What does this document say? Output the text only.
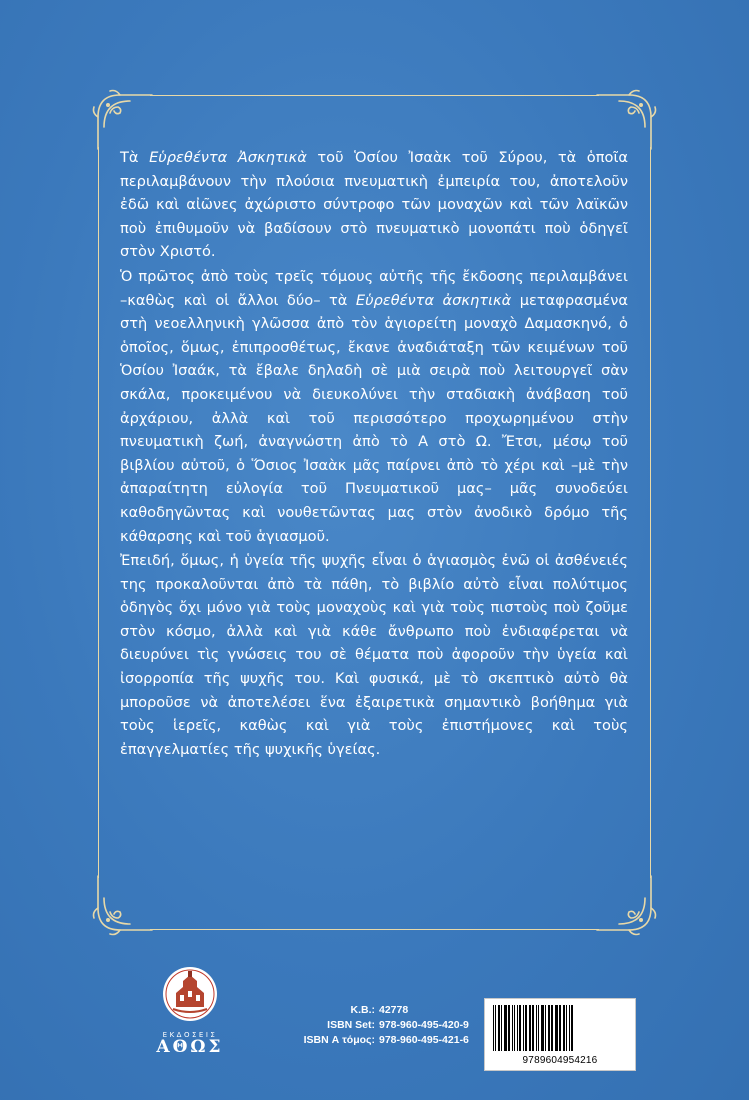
Τὰ Εὑρεθέντα Ἀσκητικὰ τοῦ Ὁσίου Ἰσαὰκ τοῦ Σύρου, τὰ ὁποῖα περιλαμβάνουν τὴν πλούσια πνευματικὴ ἐμπειρία του, ἀποτελοῦν ἐδῶ καὶ αἰῶνες ἀχώριστο σύντροφο τῶν μοναχῶν καὶ τῶν λαϊκῶν ποὺ ἐπιθυμοῦν νὰ βαδίσουν στὸ πνευματικὸ μονοπάτι ποὺ ὁδηγεῖ στὸν Χριστό.

Ὁ πρῶτος ἀπὸ τοὺς τρεῖς τόμους αὐτῆς τῆς ἔκδοσης περιλαμβάνει –καθὼς καὶ οἱ ἄλλοι δύο– τὰ Εὑρεθέντα ἀσκητικὰ μεταφρασμένα στὴ νεοελληνικὴ γλῶσσα ἀπὸ τὸν ἁγιορείτη μοναχὸ Δαμασκηνό, ὁ ὁποῖος, ὅμως, ἐπιπροσθέτως, ἔκανε ἀναδιάταξη τῶν κειμένων τοῦ Ὁσίου Ἰσαάκ, τὰ ἔβαλε δηλαδὴ σὲ μιὰ σειρὰ ποὺ λειτουργεῖ σὰν σκάλα, προκειμένου νὰ διευκολύνει τὴν σταδιακὴ ἀνάβαση τοῦ ἀρχάριου, ἀλλὰ καὶ τοῦ περισσότερο προχωρημένου στὴν πνευματικὴ ζωή, ἀναγνώστη ἀπὸ τὸ Α στὸ Ω. Ἔτσι, μέσῳ τοῦ βιβλίου αὐτοῦ, ὁ Ὅσιος Ἰσαὰκ μᾶς παίρνει ἀπὸ τὸ χέρι καὶ –μὲ τὴν ἀπαραίτητη εὐλογία τοῦ Πνευματικοῦ μας– μᾶς συνοδεύει καθοδηγῶντας καὶ νουθετῶντας μας στὸν ἀνοδικὸ δρόμο τῆς κάθαρσης καὶ τοῦ ἁγιασμοῦ.

Ἐπειδή, ὅμως, ἡ ὑγεία τῆς ψυχῆς εἶναι ὁ ἁγιασμὸς ἐνῶ οἱ ἀσθένειές της προκαλοῦνται ἀπὸ τὰ πάθη, τὸ βιβλίο αὐτὸ εἶναι πολύτιμος ὁδηγὸς ὄχι μόνο γιὰ τοὺς μοναχοὺς καὶ γιὰ τοὺς πιστοὺς ποὺ ζοῦμε στὸν κόσμο, ἀλλὰ καὶ γιὰ κάθε ἄνθρωπο ποὺ ἐνδιαφέρεται νὰ διευρύνει τὶς γνώσεις του σὲ θέματα ποὺ ἀφοροῦν τὴν ὑγεία καὶ ἰσορροπία τῆς ψυχῆς του. Καὶ φυσικά, μὲ τὸ σκεπτικὸ αὐτὸ θὰ μποροῦσε νὰ ἀποτελέσει ἕνα ἐξαιρετικὰ σημαντικὸ βοήθημα γιὰ τοὺς ἱερεῖς, καθὼς καὶ γιὰ τοὺς ἐπιστήμονες καὶ τοὺς ἐπαγγελματίες τῆς ψυχικῆς ὑγείας.

ΕΚΔΟΣΕΙΣ
ΑΘΩΣ
Κ.Β.: 42778
ISBN Set: 978-960-495-420-9
ISBN Α τόμος: 978-960-495-421-6
9789604954216
